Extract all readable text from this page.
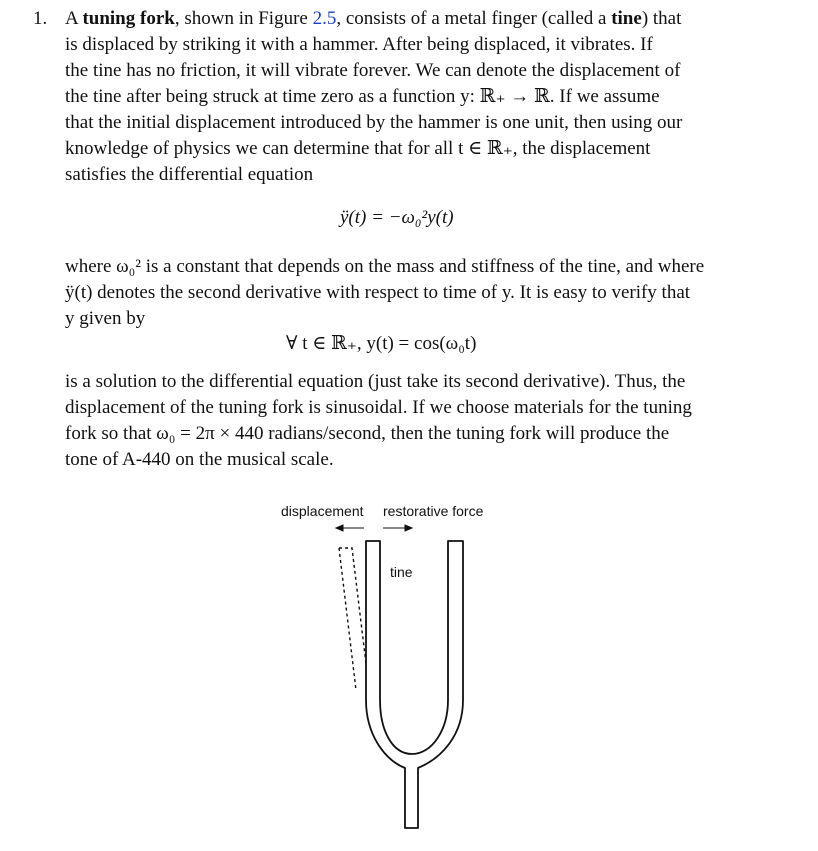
1. A tuning fork, shown in Figure 2.5, consists of a metal finger (called a tine) that
is displaced by striking it with a hammer. After being displaced, it vibrates. If
the tine has no friction, it will vibrate forever. We can denote the displacement of
the tine after being struck at time zero as a function y: ℝ₊ → ℝ. If we assume
that the initial displacement introduced by the hammer is one unit, then using our
knowledge of physics we can determine that for all t ∈ ℝ₊, the displacement
satisfies the differential equation
ÿ(t) = −ω₀²y(t)
where ω₀² is a constant that depends on the mass and stiffness of the tine, and where
ÿ(t) denotes the second derivative with respect to time of y. It is easy to verify that
y given by
∀ t ∈ ℝ₊, y(t) = cos(ω₀t)
is a solution to the differential equation (just take its second derivative). Thus, the
displacement of the tuning fork is sinusoidal. If we choose materials for the tuning
fork so that ω₀ = 2π × 440 radians/second, then the tuning fork will produce the
tone of A-440 on the musical scale.
displacement restorative force
tine
